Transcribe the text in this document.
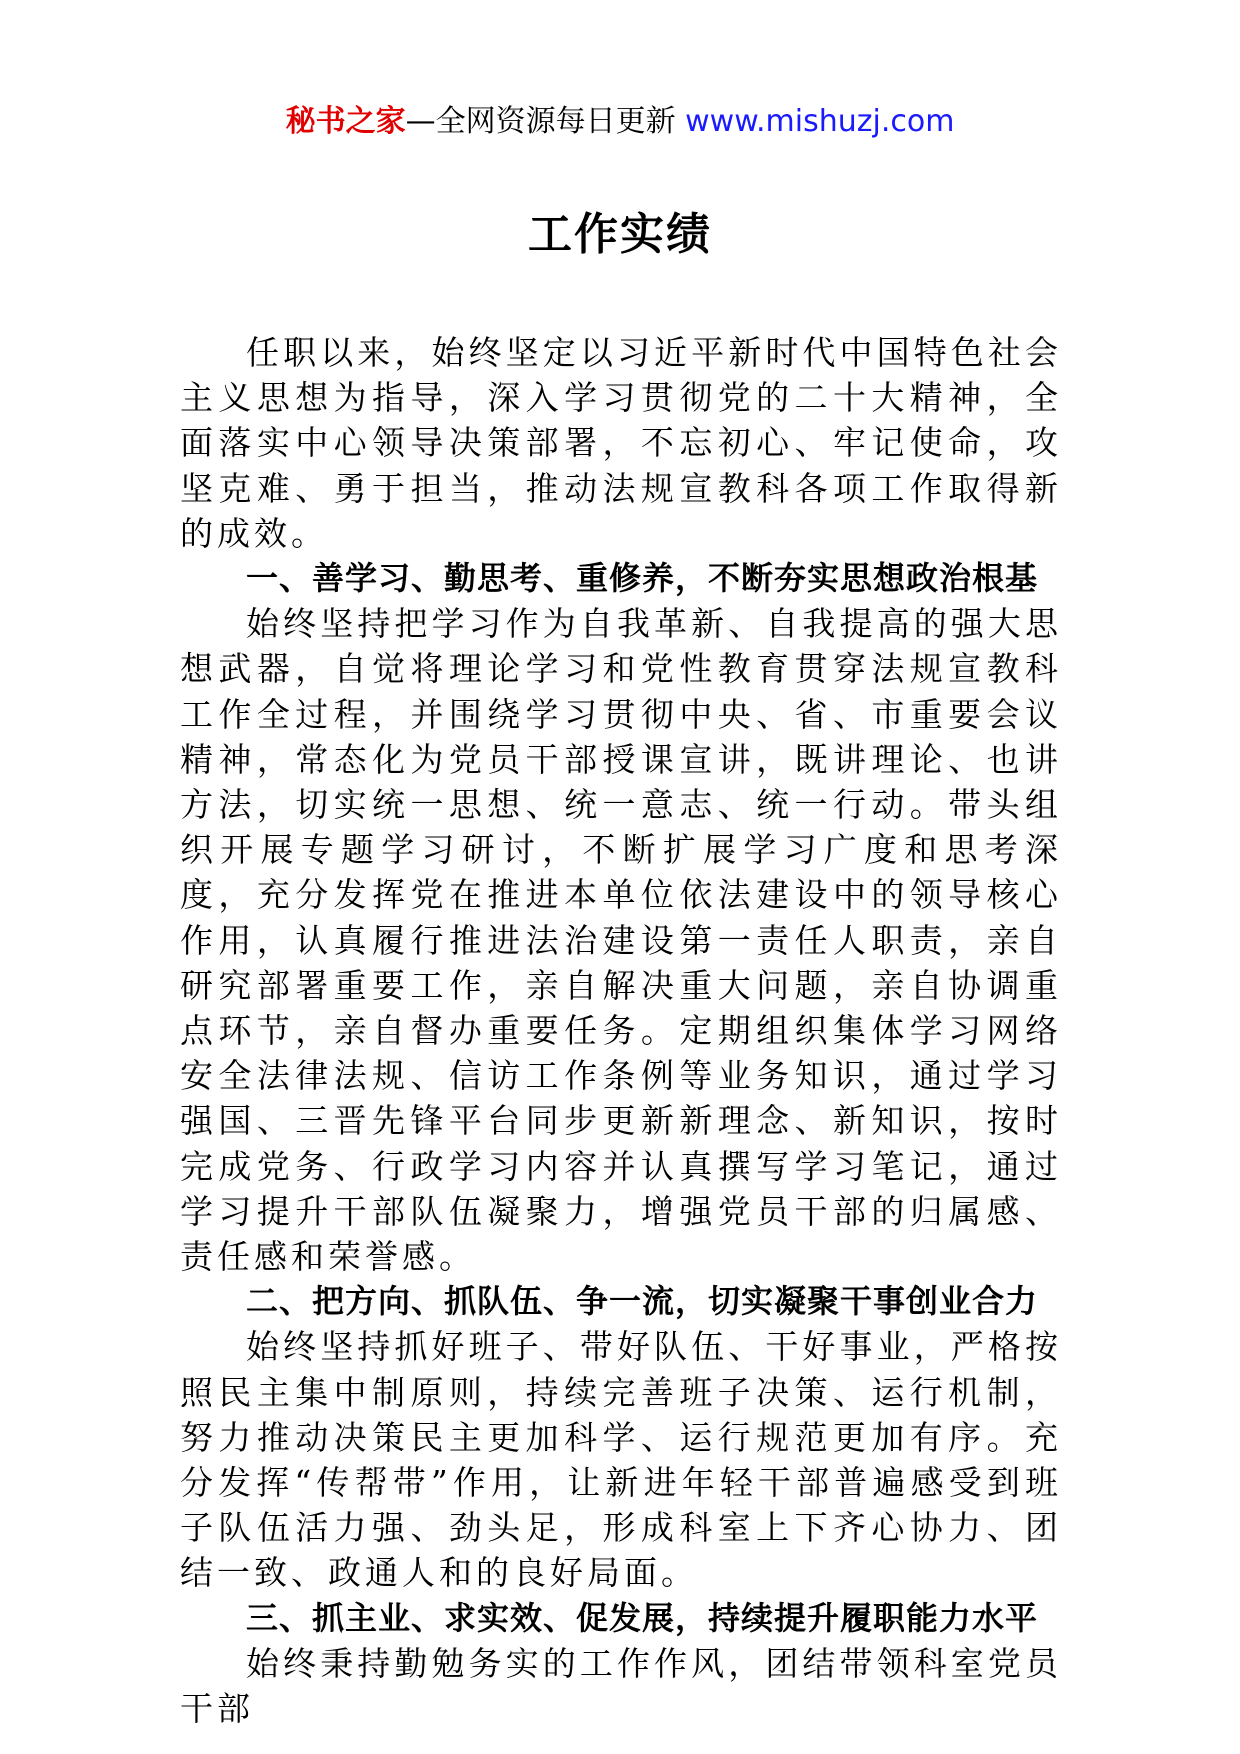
秘书之家—全网资源每日更新 www.mishuzj.com
工作实绩

任职以来，始终坚定以习近平新时代中国特色社会主义思想为指导，深入学习贯彻党的二十大精神，全面落实中心领导决策部署，不忘初心、牢记使命，攻坚克难、勇于担当，推动法规宣教科各项工作取得新的成效。

一、善学习、勤思考、重修养，不断夯实思想政治根基

始终坚持把学习作为自我革新、自我提高的强大思想武器，自觉将理论学习和党性教育贯穿法规宣教科工作全过程，并围绕学习贯彻中央、省、市重要会议精神，常态化为党员干部授课宣讲，既讲理论、也讲方法，切实统一思想、统一意志、统一行动。带头组织开展专题学习研讨，不断扩展学习广度和思考深度，充分发挥党在推进本单位依法建设中的领导核心作用，认真履行推进法治建设第一责任人职责，亲自研究部署重要工作，亲自解决重大问题，亲自协调重点环节，亲自督办重要任务。定期组织集体学习网络安全法律法规、信访工作条例等业务知识，通过学习强国、三晋先锋平台同步更新新理念、新知识，按时完成党务、行政学习内容并认真撰写学习笔记，通过学习提升干部队伍凝聚力，增强党员干部的归属感、责任感和荣誉感。

二、把方向、抓队伍、争一流，切实凝聚干事创业合力

始终坚持抓好班子、带好队伍、干好事业，严格按照民主集中制原则，持续完善班子决策、运行机制，努力推动决策民主更加科学、运行规范更加有序。充分发挥“传帮带”作用，让新进年轻干部普遍感受到班子队伍活力强、劲头足，形成科室上下齐心协力、团结一致、政通人和的良好局面。

三、抓主业、求实效、促发展，持续提升履职能力水平

始终秉持勤勉务实的工作作风，团结带领科室党员干部
